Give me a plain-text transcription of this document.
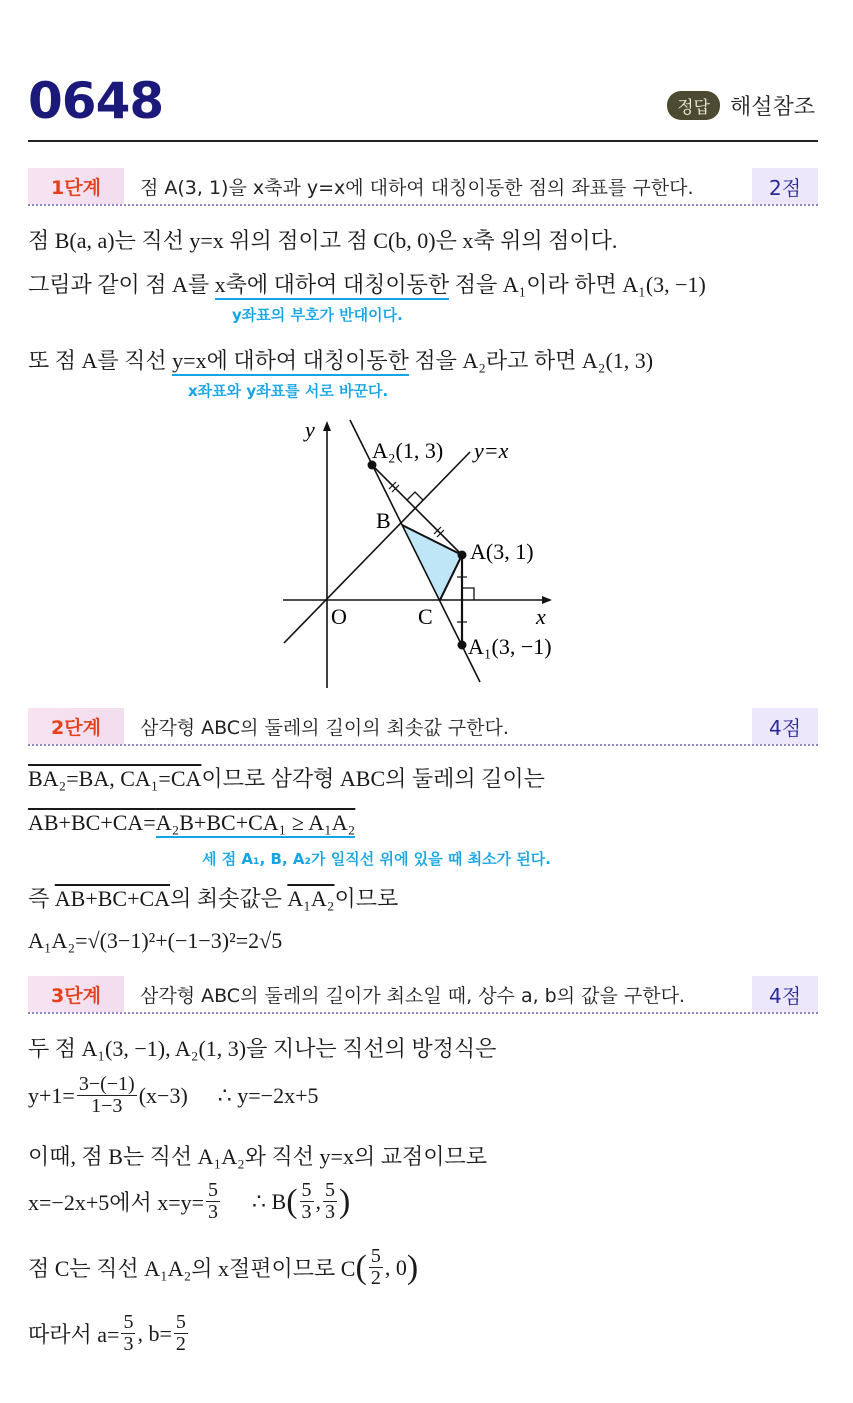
0648	정답 해설참조
1단계	점 A(3, 1)을 x축과 y=x에 대하여 대칭이동한 점의 좌표를 구한다.	2점
점 B(a, a)는 직선 y=x 위의 점이고 점 C(b, 0)은 x축 위의 점이다.
그림과 같이 점 A를 x축에 대하여 대칭이동한 점을 A₁이라 하면 A₁(3, −1)
y좌표의 부호가 반대이다.
또 점 A를 직선 y=x에 대하여 대칭이동한 점을 A₂라고 하면 A₂(1, 3)
x좌표와 y좌표를 서로 바꾼다.
y
x
O
y=x
A₂(1, 3)
A(3, 1)
A₁(3, −1)
B
C
2단계	삼각형 ABC의 둘레의 길이의 최솟값 구한다.	4점
BA₂=BA, CA₁=CA이므로 삼각형 ABC의 둘레의 길이는
AB+BC+CA=A₂B+BC+CA₁ ≥ A₁A₂
세 점 A₁, B, A₂가 일직선 위에 있을 때 최소가 된다.
즉 AB+BC+CA의 최솟값은 A₁A₂이므로
A₁A₂=√(3−1)²+(−1−3)²=2√5
3단계	삼각형 ABC의 둘레의 길이가 최소일 때, 상수 a, b의 값을 구한다.	4점
두 점 A₁(3, −1), A₂(1, 3)을 지나는 직선의 방정식은
$y+1= \frac{3-(-1)}{1-3} (x-3)$ ∴ y=−2x+5
이때, 점 B는 직선 A₁A₂와 직선 y=x의 교점이므로
x=−2x+5에서 $x=y= \frac{5}{3}$ ∴ B ( $\frac{5}{3}$ , $\frac{5}{3}$ )
점 C는 직선 A₁A₂의 x절편이므로 C ( $\frac{5}{2}$ , 0 )
따라서 $a= \frac{5}{3}$ , $b= \frac{5}{2}$
